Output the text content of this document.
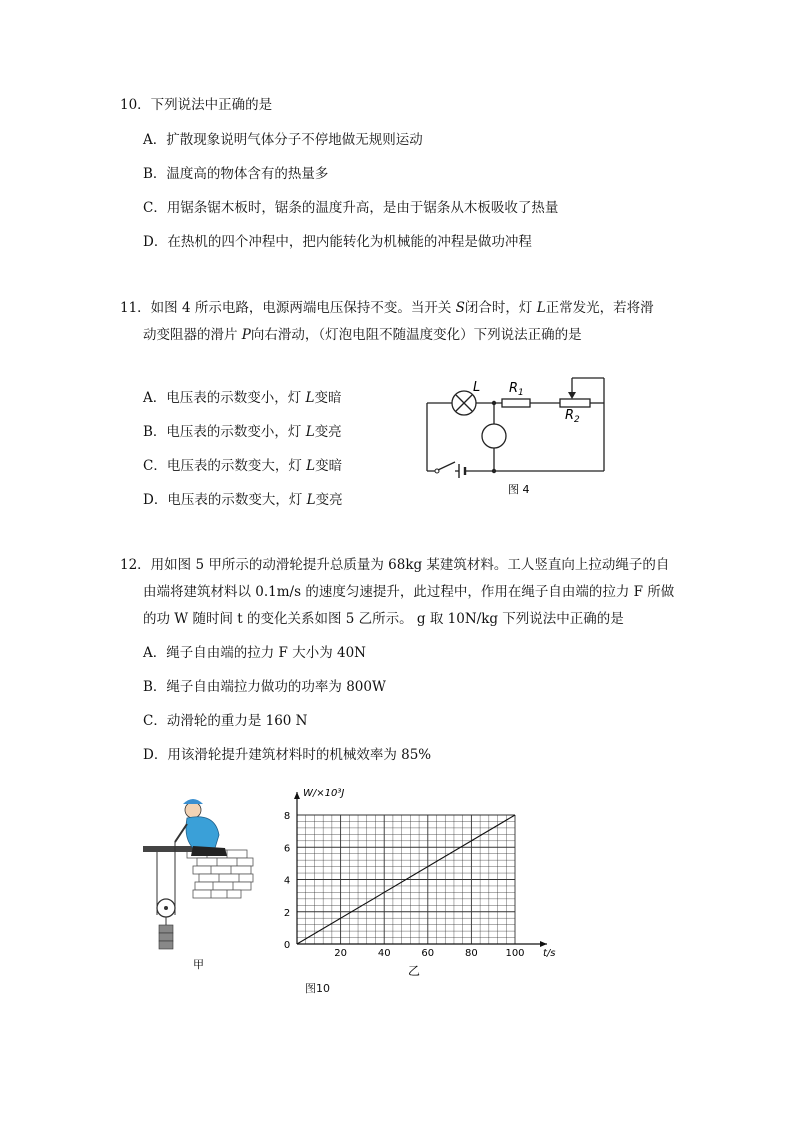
10．下列说法中正确的是
A．扩散现象说明气体分子不停地做无规则运动
B．温度高的物体含有的热量多
C．用锯条锯木板时，锯条的温度升高，是由于锯条从木板吸收了热量
D．在热机的四个冲程中，把内能转化为机械能的冲程是做功冲程
11．如图 4 所示电路，电源两端电压保持不变。当开关 S闭合时，灯 L正常发光，若将滑
动变阻器的滑片 P向右滑动，（灯泡电阻不随温度变化）下列说法正确的是
A．电压表的示数变小，灯 L变暗
B．电压表的示数变小，灯 L变亮
C．电压表的示数变大，灯 L变暗
D．电压表的示数变大，灯 L变亮
L $R_1$
$R_2$
图 4
12．用如图 5 甲所示的动滑轮提升总质量为 68kg 某建筑材料。工人竖直向上拉动绳子的自
由端将建筑材料以 0.1m/s 的速度匀速提升，此过程中，作用在绳子自由端的拉力 F 所做
的功 W 随时间 t 的变化关系如图 5 乙所示。 g 取 10N/kg 下列说法中正确的是
A．绳子自由端的拉力 F 大小为 40N
B．绳子自由端拉力做功的功率为 800W
C．动滑轮的重力是 160 N
D．用该滑轮提升建筑材料时的机械效率为 85%
甲
20	40	60	80	100
0
2
4
6
8
W/×10³J
t/s
乙
图10
